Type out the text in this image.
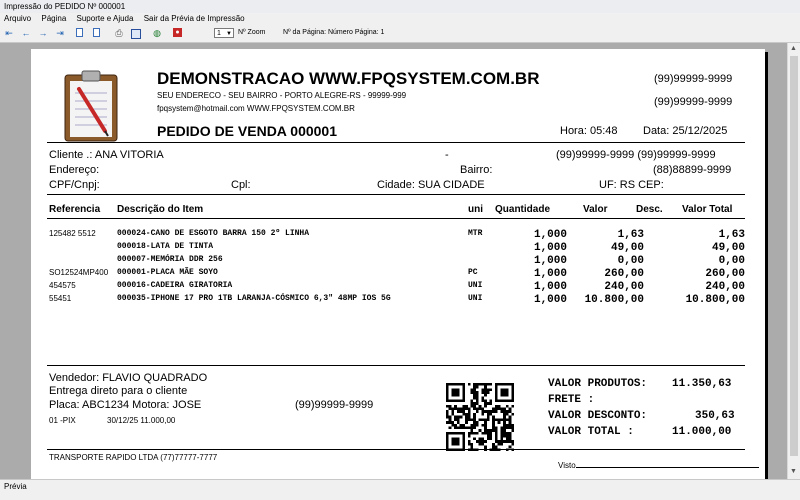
Impressão do PEDIDO Nº 000001
Arquivo Página Suporte e Ajuda Sair da Prévia de Impressão
⇤ ← → ⇥	⎙	◍	●	1 ▼ Nº Zoom	Nº da Página: Número Página: 1
DEMONSTRACAO WWW.FPQSYSTEM.COM.BR
SEU ENDERECO - SEU BAIRRO - PORTO ALEGRE-RS - 99999-999
fpqsystem@hotmail.com WWW.FPQSYSTEM.COM.BR
(99)99999-9999
(99)99999-9999
PEDIDO DE VENDA 000001	Hora: 05:48 Data: 25/12/2025
Cliente .: ANA VITORIA	-	(99)99999-9999 (99)99999-9999
Endereço:	Bairro:	(88)88899-9999
CPF/Cnpj:	Cpl:	Cidade: SUA CIDADE	UF: RS CEP:
Referencia Descrição do Item	uni Quantidade	Valor	Desc. Valor Total
125482 5512	000024-CANO DE ESGOTO BARRA 150 2º LINHA	MTR	1,000	1,63	1,63
000018-LATA DE TINTA	1,000	49,00	49,00
000007-MEMÓRIA DDR 256	1,000	0,00	0,00
SO12524MP400 000001-PLACA MÃE SOYO	PC	1,000	260,00	260,00
454575	000016-CADEIRA GIRATORIA	UNI	1,000	240,00	240,00
55451	000035-IPHONE 17 PRO 1TB LARANJA-CÓSMICO 6,3" 48MP IOS 5G	UNI	1,000 10.800,00	10.800,00
Vendedor: FLAVIO QUADRADO
Entrega direto para o cliente
Placa: ABC1234 Motora: JOSE	(99)99999-9999
01 -PIX	30/12/25 11.000,00
VALOR PRODUTOS: 11.350,63
FRETE :
VALOR DESCONTO:	350,63
VALOR TOTAL :	11.000,00
TRANSPORTE RAPIDO LTDA (77)77777-7777
Visto
▲
▼
Prévia
